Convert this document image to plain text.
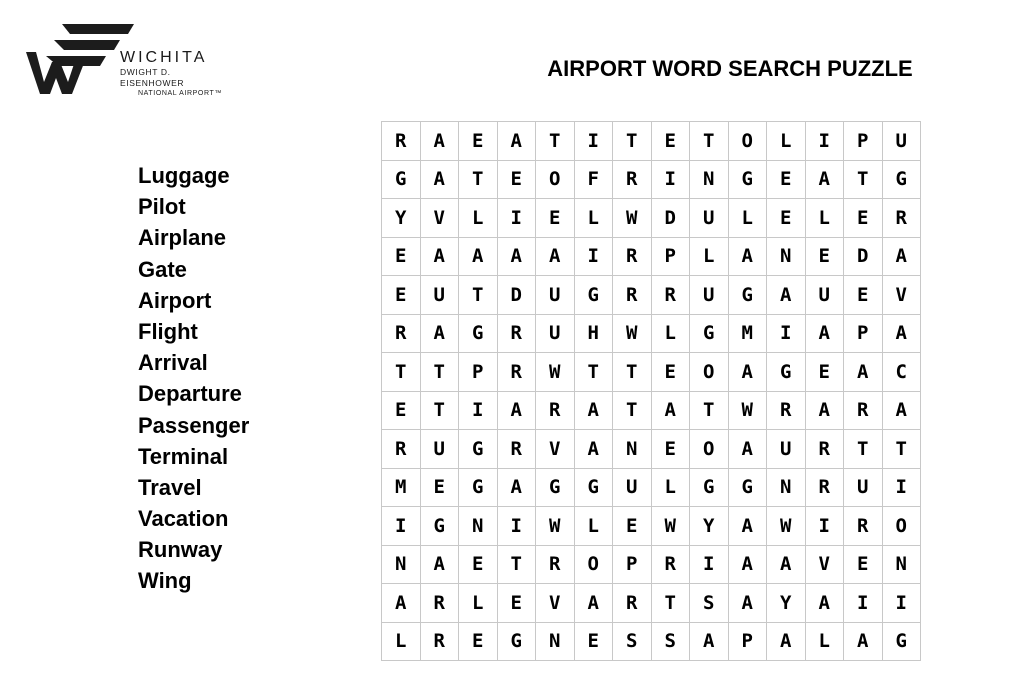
WICHITA
DWIGHT D. EISENHOWER
NATIONAL AIRPORT™
AIRPORT WORD SEARCH PUZZLE
Luggage
Pilot
Airplane
Gate
Airport
Flight
Arrival
Departure
Passenger
Terminal
Travel
Vacation
Runway
Wing
R	A	E	A	T	I	T	E	T	O	L	I	P	U
G	A	T	E	O	F	R	I	N	G	E	A	T	G
Y	V	L	I	E	L	W	D	U	L	E	L	E	R
E	A	A	A	A	I	R	P	L	A	N	E	D	A
E	U	T	D	U	G	R	R	U	G	A	U	E	V
R	A	G	R	U	H	W	L	G	M	I	A	P	A
T	T	P	R	W	T	T	E	O	A	G	E	A	C
E	T	I	A	R	A	T	A	T	W	R	A	R	A
R	U	G	R	V	A	N	E	O	A	U	R	T	T
M	E	G	A	G	G	U	L	G	G	N	R	U	I
I	G	N	I	W	L	E	W	Y	A	W	I	R	O
N	A	E	T	R	O	P	R	I	A	A	V	E	N
A	R	L	E	V	A	R	T	S	A	Y	A	I	I
L	R	E	G	N	E	S	S	A	P	A	L	A	G
